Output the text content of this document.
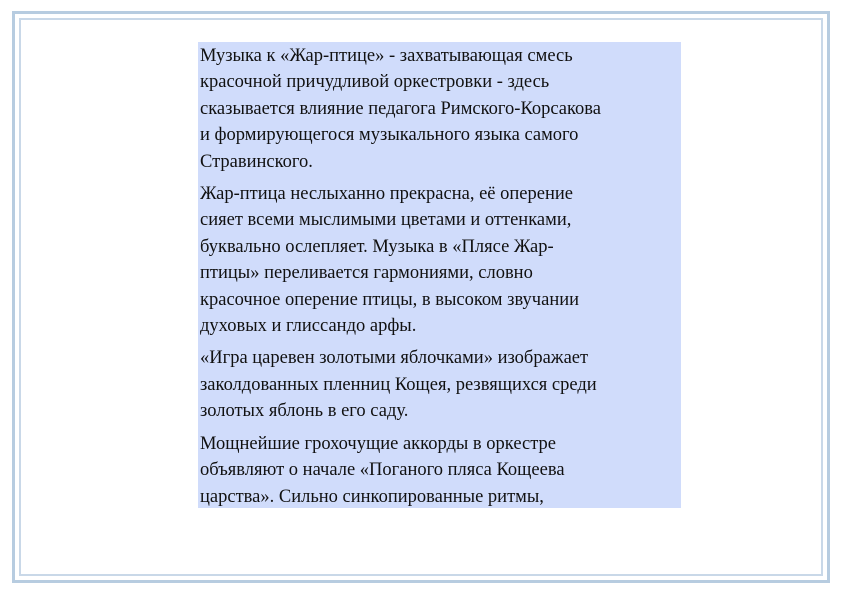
Музыка к «Жар-птице» - захватывающая смесь
красочной причудливой оркестровки - здесь
сказывается влияние педагога Римского-Корсакова
и формирующегося музыкального языка самого
Стравинского.

Жар-птица неслыханно прекрасна, её оперение
сияет всеми мыслимыми цветами и оттенками,
буквально ослепляет. Музыка в «Плясе Жар-
птицы» переливается гармониями, словно
красочное оперение птицы, в высоком звучании
духовых и глиссандо арфы.

«Игра царевен золотыми яблочками» изображает
заколдованных пленниц Кощея, резвящихся среди
золотых яблонь в его саду.

Мощнейшие грохочущие аккорды в оркестре
объявляют о начале «Поганого пляса Кощеева
царства». Сильно синкопированные ритмы,
